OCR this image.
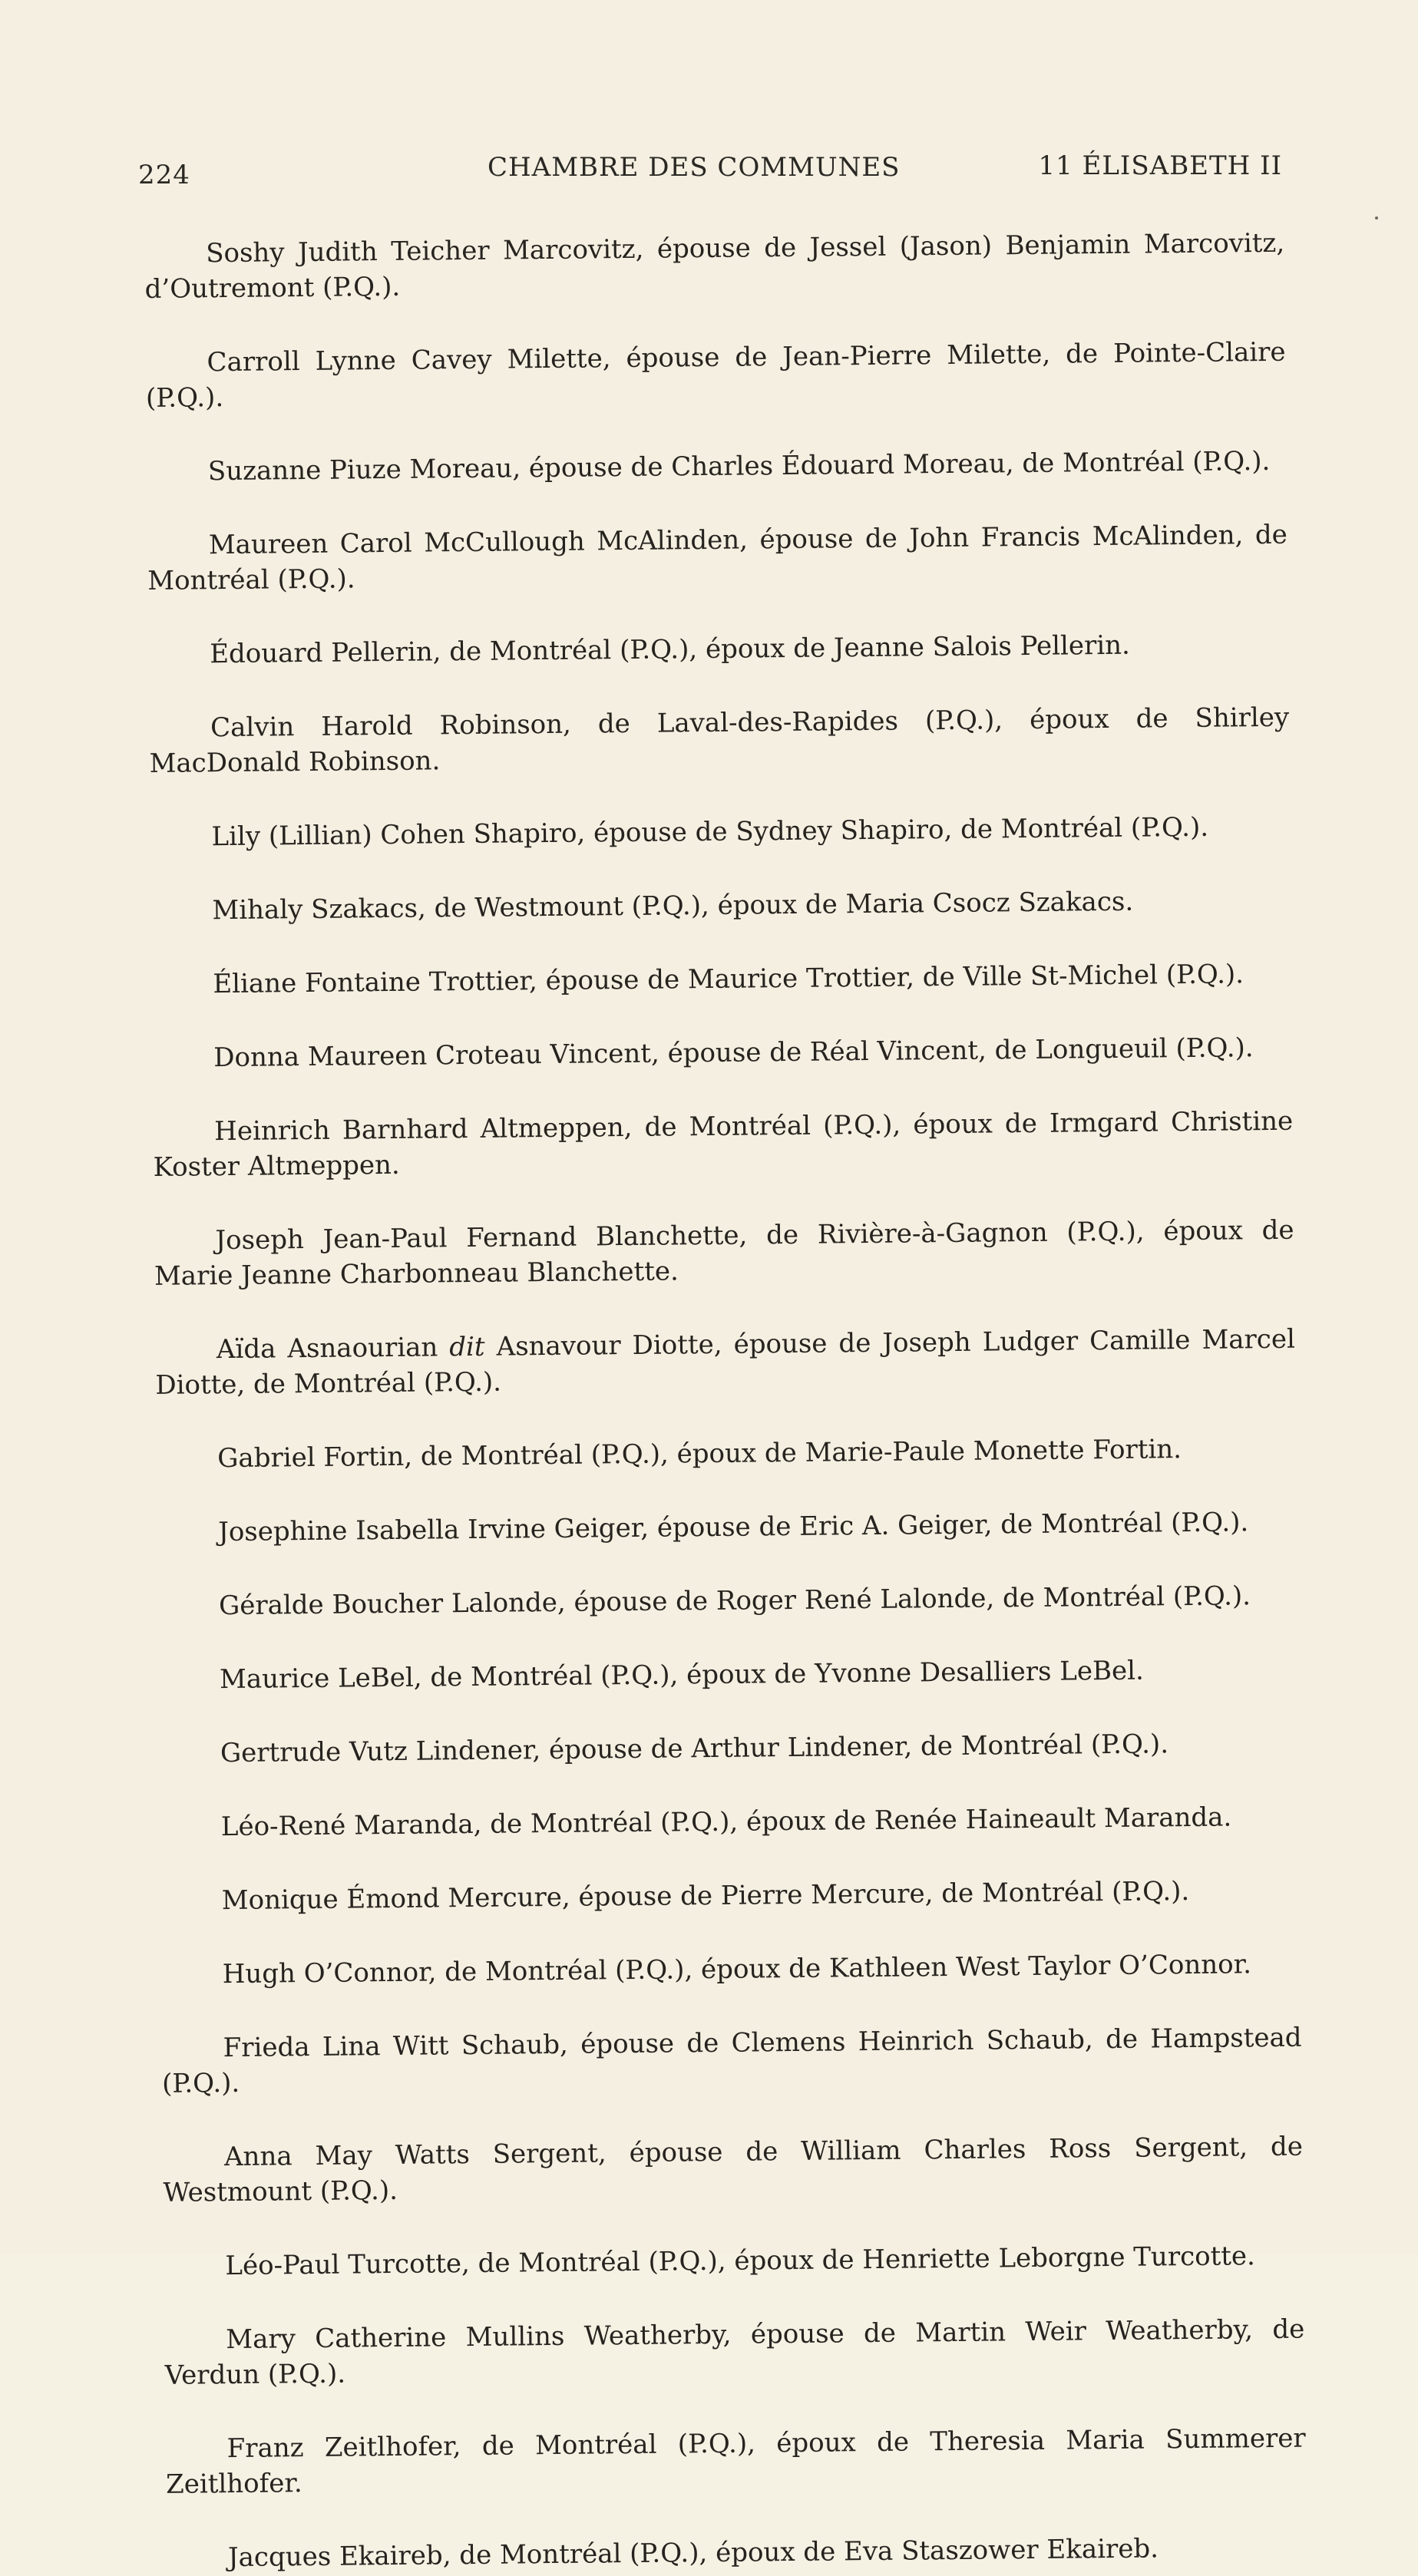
224	CHAMBRE DES COMMUNES	11 ÉLISABETH II

Soshy Judith Teicher Marcovitz, épouse de Jessel (Jason) Benjamin Marcovitz, d’Outremont (P.Q.).

Carroll Lynne Cavey Milette, épouse de Jean-Pierre Milette, de Pointe-Claire (P.Q.).

Suzanne Piuze Moreau, épouse de Charles Édouard Moreau, de Montréal (P.Q.).

Maureen Carol McCullough McAlinden, épouse de John Francis McAlinden, de Montréal (P.Q.).

Édouard Pellerin, de Montréal (P.Q.), époux de Jeanne Salois Pellerin.

Calvin Harold Robinson, de Laval-des-Rapides (P.Q.), époux de Shirley MacDonald Robinson.

Lily (Lillian) Cohen Shapiro, épouse de Sydney Shapiro, de Montréal (P.Q.).

Mihaly Szakacs, de Westmount (P.Q.), époux de Maria Csocz Szakacs.

Éliane Fontaine Trottier, épouse de Maurice Trottier, de Ville St-Michel (P.Q.).

Donna Maureen Croteau Vincent, épouse de Réal Vincent, de Longueuil (P.Q.).

Heinrich Barnhard Altmeppen, de Montréal (P.Q.), époux de Irmgard Christine Koster Altmeppen.

Joseph Jean-Paul Fernand Blanchette, de Rivière-à-Gagnon (P.Q.), époux de Marie Jeanne Charbonneau Blanchette.

Aïda Asnaourian dit Asnavour Diotte, épouse de Joseph Ludger Camille Marcel Diotte, de Montréal (P.Q.).

Gabriel Fortin, de Montréal (P.Q.), époux de Marie-Paule Monette Fortin.

Josephine Isabella Irvine Geiger, épouse de Eric A. Geiger, de Montréal (P.Q.).

Géralde Boucher Lalonde, épouse de Roger René Lalonde, de Montréal (P.Q.).

Maurice LeBel, de Montréal (P.Q.), époux de Yvonne Desalliers LeBel.

Gertrude Vutz Lindener, épouse de Arthur Lindener, de Montréal (P.Q.).

Léo-René Maranda, de Montréal (P.Q.), époux de Renée Haineault Maranda.

Monique Émond Mercure, épouse de Pierre Mercure, de Montréal (P.Q.).

Hugh O’Connor, de Montréal (P.Q.), époux de Kathleen West Taylor O’Connor.

Frieda Lina Witt Schaub, épouse de Clemens Heinrich Schaub, de Hampstead (P.Q.).

Anna May Watts Sergent, épouse de William Charles Ross Sergent, de Westmount (P.Q.).

Léo-Paul Turcotte, de Montréal (P.Q.), époux de Henriette Leborgne Turcotte.

Mary Catherine Mullins Weatherby, épouse de Martin Weir Weatherby, de Verdun (P.Q.).

Franz Zeitlhofer, de Montréal (P.Q.), époux de Theresia Maria Summerer Zeitlhofer.

Jacques Ekaireb, de Montréal (P.Q.), époux de Eva Staszower Ekaireb.
